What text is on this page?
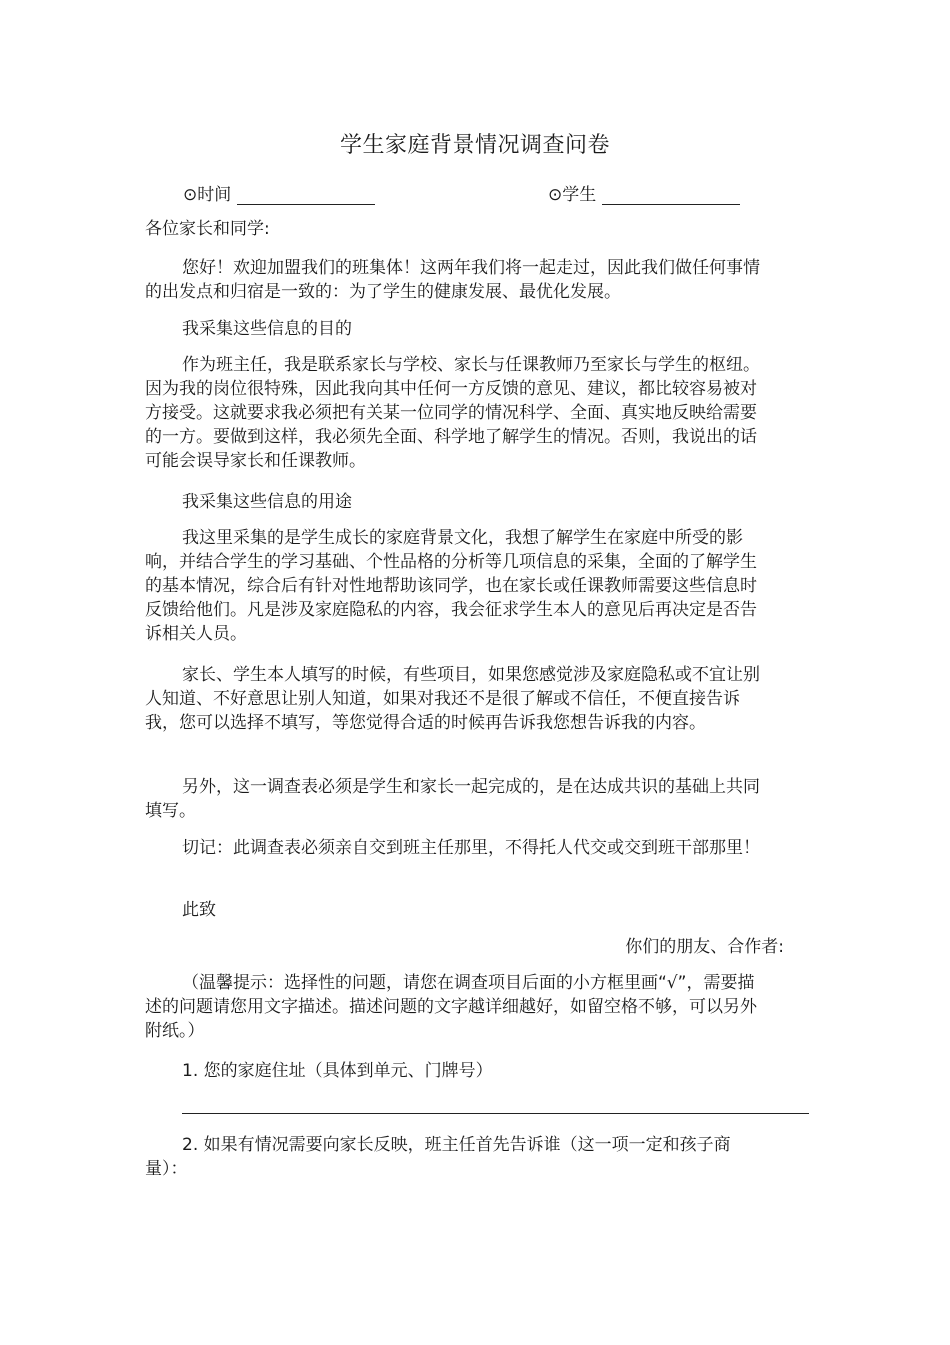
学生家庭背景情况调查问卷
⊙时间	⊙学生

各位家长和同学:

您好！欢迎加盟我们的班集体！这两年我们将一起走过，因此我们做任何事情的出发点和归宿是一致的：为了学生的健康发展、最优化发展。

我采集这些信息的目的

作为班主任，我是联系家长与学校、家长与任课教师乃至家长与学生的枢纽。因为我的岗位很特殊，因此我向其中任何一方反馈的意见、建议，都比较容易被对方接受。这就要求我必须把有关某一位同学的情况科学、全面、真实地反映给需要的一方。要做到这样，我必须先全面、科学地了解学生的情况。否则，我说出的话可能会误导家长和任课教师。

我采集这些信息的用途

我这里采集的是学生成长的家庭背景文化，我想了解学生在家庭中所受的影响，并结合学生的学习基础、个性品格的分析等几项信息的采集，全面的了解学生的基本情况，综合后有针对性地帮助该同学，也在家长或任课教师需要这些信息时反馈给他们。凡是涉及家庭隐私的内容，我会征求学生本人的意见后再决定是否告诉相关人员。

家长、学生本人填写的时候，有些项目，如果您感觉涉及家庭隐私或不宜让别人知道、不好意思让别人知道，如果对我还不是很了解或不信任，不便直接告诉我，您可以选择不填写，等您觉得合适的时候再告诉我您想告诉我的内容。

另外，这一调查表必须是学生和家长一起完成的，是在达成共识的基础上共同填写。

切记：此调查表必须亲自交到班主任那里，不得托人代交或交到班干部那里！

此致

你们的朋友、合作者:

（温馨提示：选择性的问题，请您在调查项目后面的小方框里画“√”，需要描述的问题请您用文字描述。描述问题的文字越详细越好，如留空格不够，可以另外附纸。）

1. 您的家庭住址（具体到单元、门牌号）

2. 如果有情况需要向家长反映，班主任首先告诉谁（这一项一定和孩子商量）：
